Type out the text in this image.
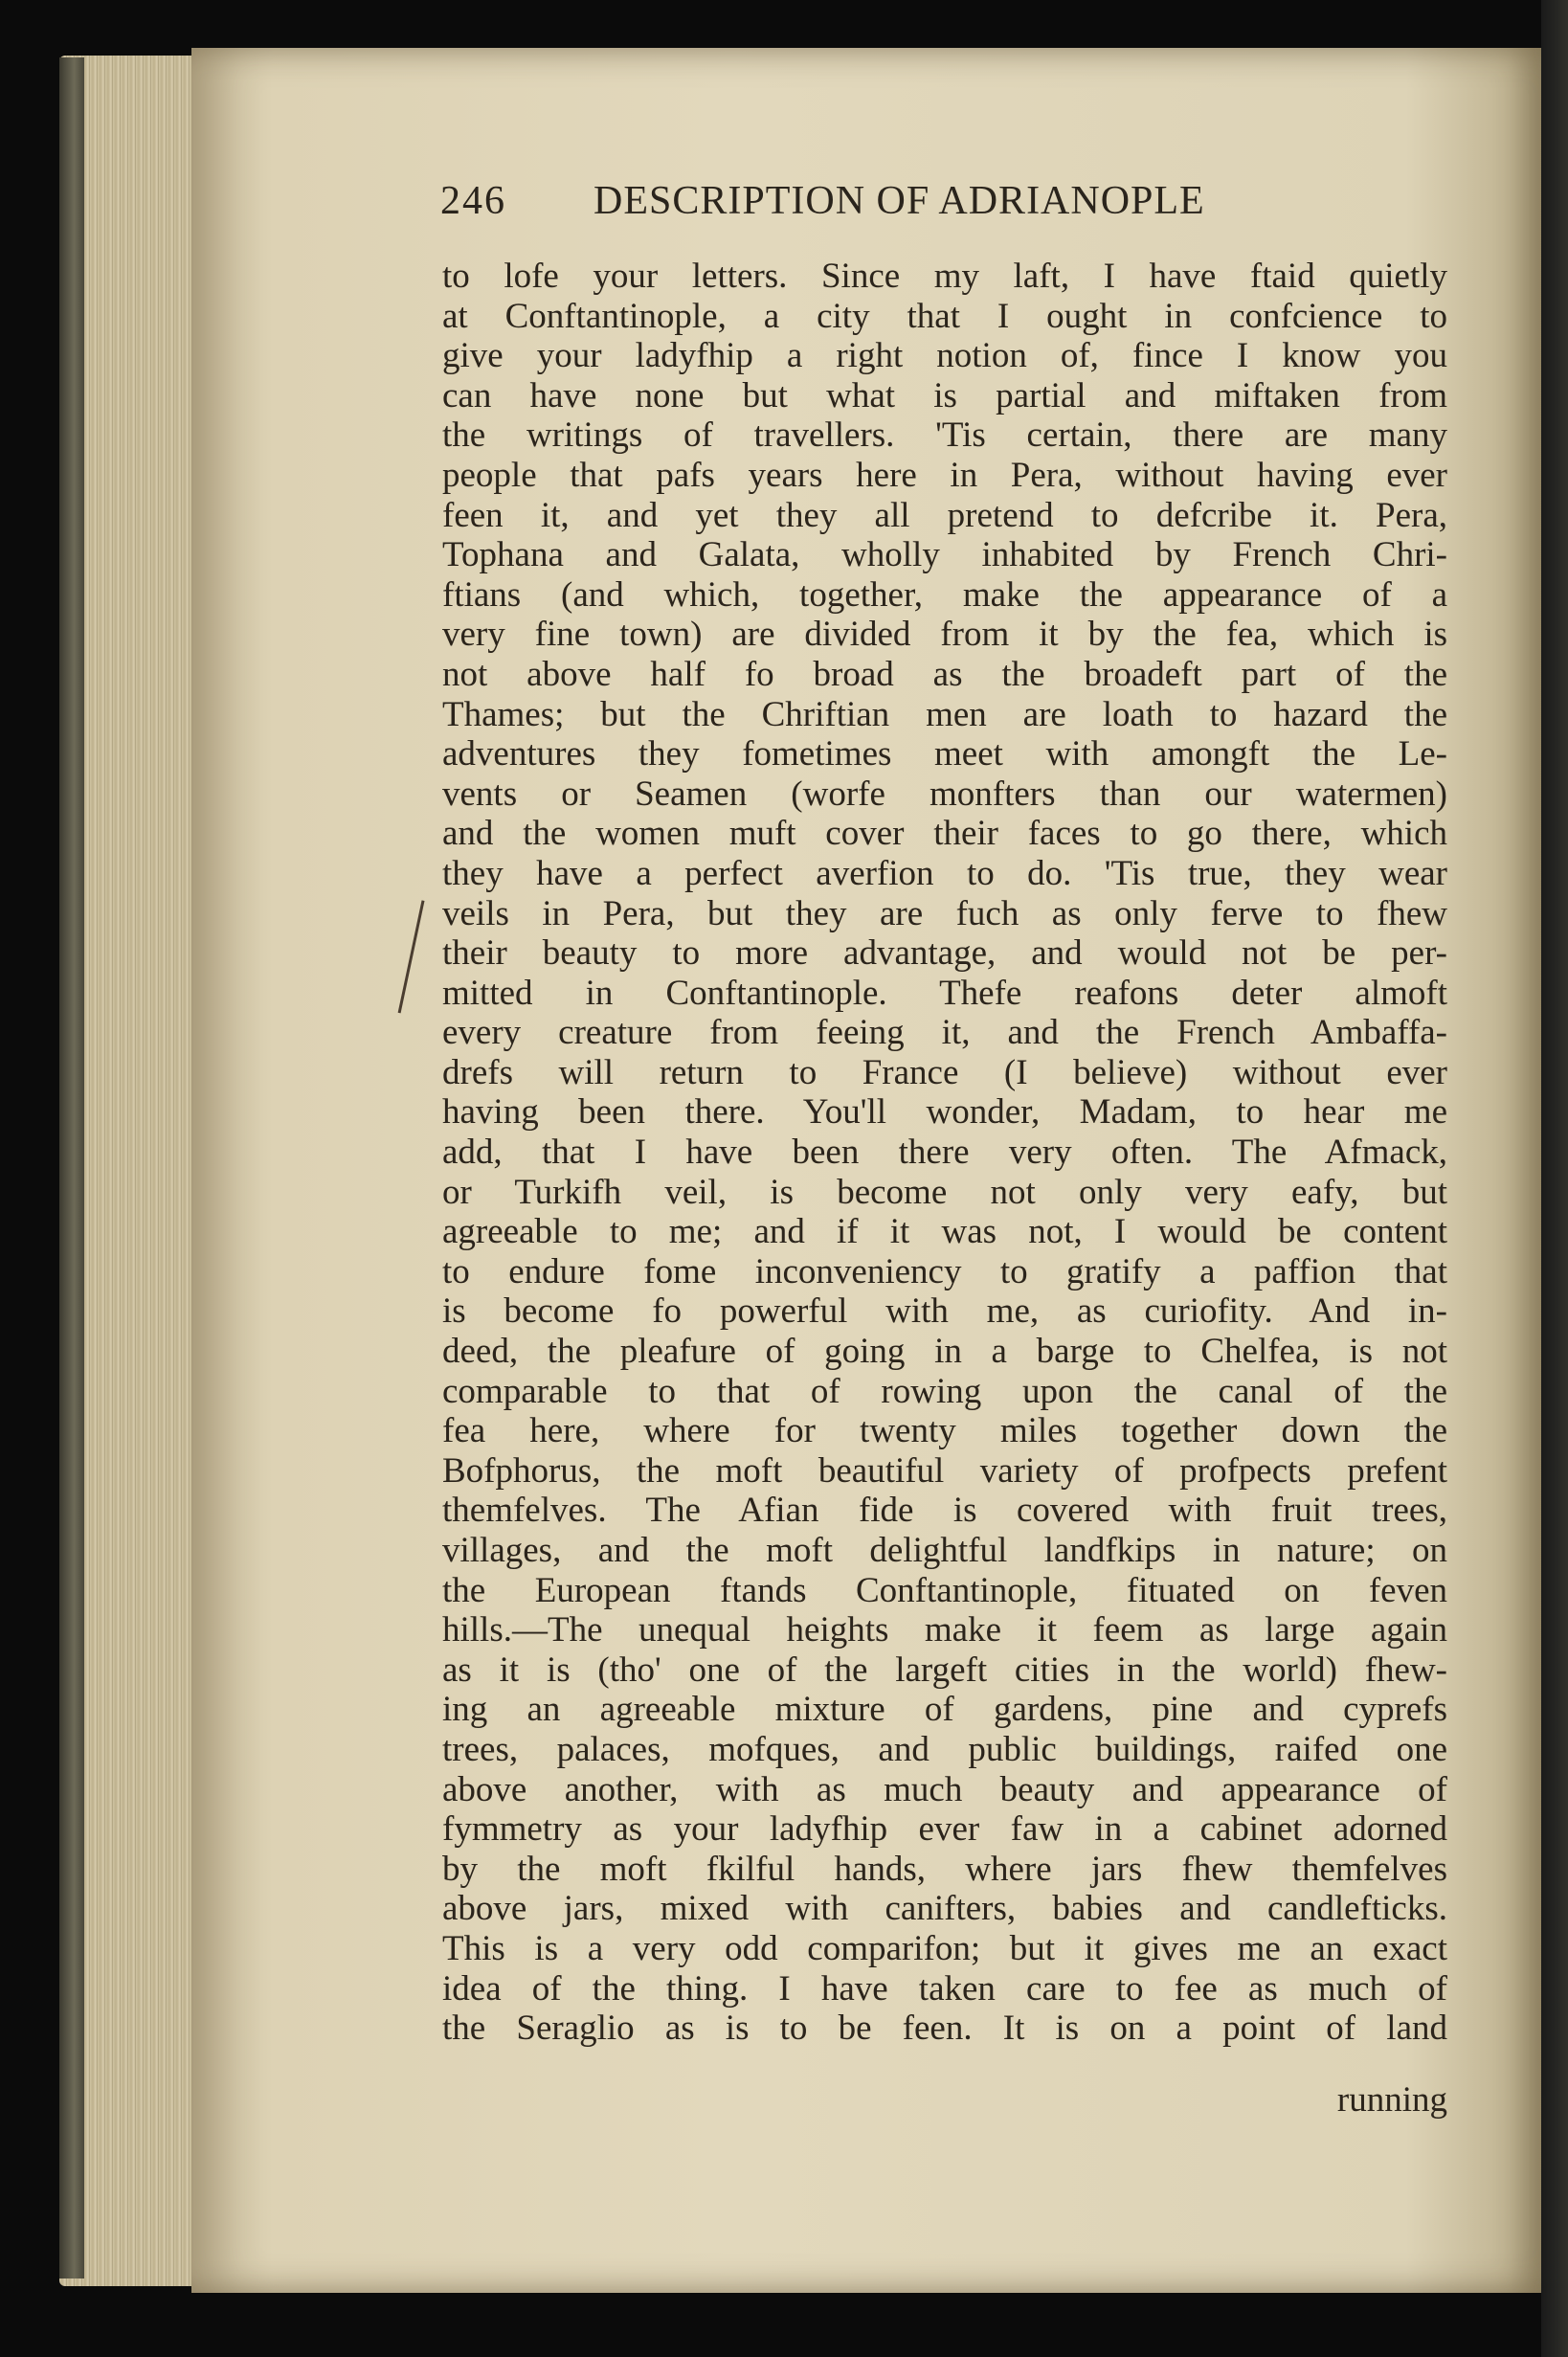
246 DESCRIPTION OF ADRIANOPLE
to lofe your letters. Since my laft, I have ftaid quietly
at Conftantinople, a city that I ought in confcience to
give your ladyfhip a right notion of, fince I know you
can have none but what is partial and miftaken from
the writings of travellers. 'Tis certain, there are many
people that pafs years here in Pera, without having ever
feen it, and yet they all pretend to defcribe it. Pera,
Tophana and Galata, wholly inhabited by French Chri-
ftians (and which, together, make the appearance of a
very fine town) are divided from it by the fea, which is
not above half fo broad as the broadeft part of the
Thames; but the Chriftian men are loath to hazard the
adventures they fometimes meet with amongft the Le-
vents or Seamen (worfe monfters than our watermen)
and the women muft cover their faces to go there, which
they have a perfect averfion to do. 'Tis true, they wear
veils in Pera, but they are fuch as only ferve to fhew
their beauty to more advantage, and would not be per-
mitted in Conftantinople. Thefe reafons deter almoft
every creature from feeing it, and the French Ambaffa-
drefs will return to France (I believe) without ever
having been there. You'll wonder, Madam, to hear me
add, that I have been there very often. The Afmack,
or Turkifh veil, is become not only very eafy, but
agreeable to me; and if it was not, I would be content
to endure fome inconveniency to gratify a paffion that
is become fo powerful with me, as curiofity. And in-
deed, the pleafure of going in a barge to Chelfea, is not
comparable to that of rowing upon the canal of the
fea here, where for twenty miles together down the
Bofphorus, the moft beautiful variety of profpects prefent
themfelves. The Afian fide is covered with fruit trees,
villages, and the moft delightful landfkips in nature; on
the European ftands Conftantinople, fituated on feven
hills.—The unequal heights make it feem as large again
as it is (tho' one of the largeft cities in the world) fhew-
ing an agreeable mixture of gardens, pine and cyprefs
trees, palaces, mofques, and public buildings, raifed one
above another, with as much beauty and appearance of
fymmetry as your ladyfhip ever faw in a cabinet adorned
by the moft fkilful hands, where jars fhew themfelves
above jars, mixed with canifters, babies and candlefticks.
This is a very odd comparifon; but it gives me an exact
idea of the thing. I have taken care to fee as much of
the Seraglio as is to be feen. It is on a point of land
running
